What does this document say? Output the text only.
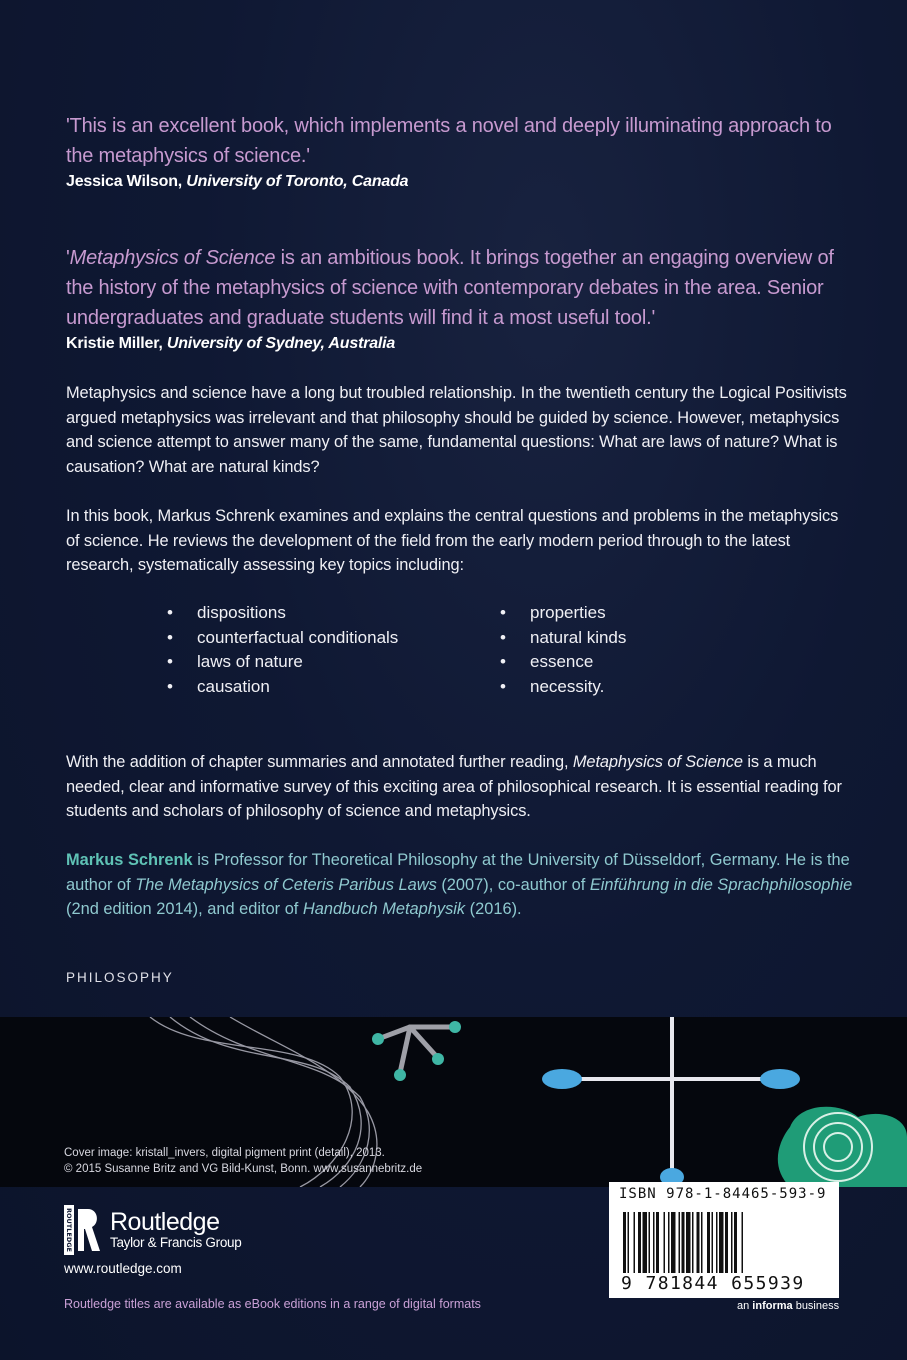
'This is an excellent book, which implements a novel and deeply illuminating approach to the metaphysics of science.'
Jessica Wilson, University of Toronto, Canada
'Metaphysics of Science is an ambitious book. It brings together an engaging overview of the history of the metaphysics of science with contemporary debates in the area. Senior undergraduates and graduate students will find it a most useful tool.'
Kristie Miller, University of Sydney, Australia
Metaphysics and science have a long but troubled relationship. In the twentieth century the Logical Positivists argued metaphysics was irrelevant and that philosophy should be guided by science. However, metaphysics and science attempt to answer many of the same, fundamental questions: What are laws of nature? What is causation? What are natural kinds?
In this book, Markus Schrenk examines and explains the central questions and problems in the metaphysics of science. He reviews the development of the field from the early modern period through to the latest research, systematically assessing key topics including:
• dispositions
• counterfactual conditionals
• laws of nature
• causation
• properties
• natural kinds
• essence
• necessity.
With the addition of chapter summaries and annotated further reading, Metaphysics of Science is a much needed, clear and informative survey of this exciting area of philosophical research. It is essential reading for students and scholars of philosophy of science and metaphysics.
Markus Schrenk is Professor for Theoretical Philosophy at the University of Düsseldorf, Germany. He is the author of The Metaphysics of Ceteris Paribus Laws (2007), co-author of Einführung in die Sprachphilosophie (2nd edition 2014), and editor of Handbuch Metaphysik (2016).
PHILOSOPHY
Cover image: kristall_invers, digital pigment print (detail), 2013.
© 2015 Susanne Britz and VG Bild-Kunst, Bonn. www.susannebritz.de
ROUTLEDGE Routledge
Taylor & Francis Group
www.routledge.com
Routledge titles are available as eBook editions in a range of digital formats
ISBN 978-1-84465-593-9
9 781844 655939
an informa business
